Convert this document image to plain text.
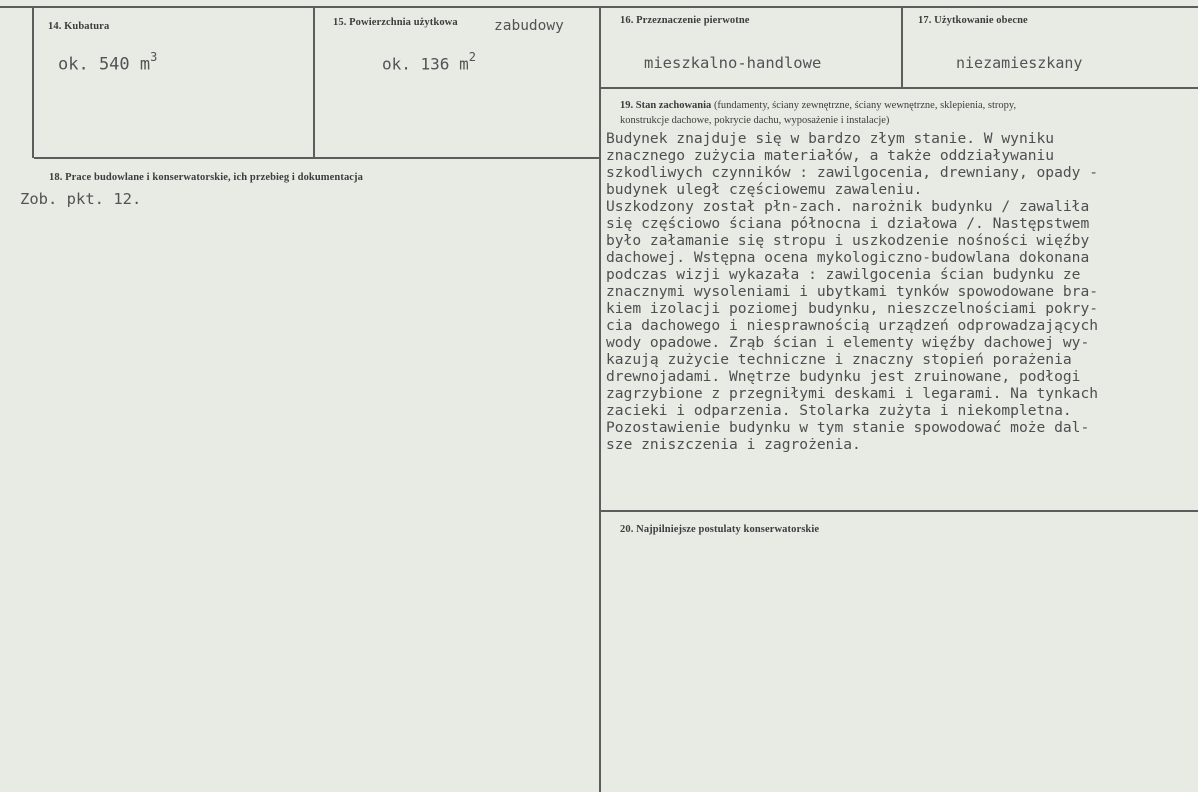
14. Kubatura
ok. 540 $m^3$
15. Powierzchnia użytkowa	zabudowy
ok. 136 $m^2$
16. Przeznaczenie pierwotne
mieszkalno-handlowe
17. Użytkowanie obecne
niezamieszkany
18. Prace budowlane i konserwatorskie, ich przebieg i dokumentacja
Zob. pkt. 12.
19. Stan zachowania (fundamenty, ściany zewnętrzne, ściany wewnętrzne, sklepienia, stropy,
konstrukcje dachowe, pokrycie dachu, wyposażenie i instalacje)
Budynek znajduje się w bardzo złym stanie. W wyniku
znacznego zużycia materiałów, a także oddziaływaniu
szkodliwych czynników : zawilgocenia, drewniany, opady -
budynek uległ częściowemu zawaleniu.
Uszkodzony został płn-zach. narożnik budynku / zawaliła
się częściowo ściana północna i działowa /. Następstwem
było załamanie się stropu i uszkodzenie nośności więźby
dachowej. Wstępna ocena mykologiczno-budowlana dokonana
podczas wizji wykazała : zawilgocenia ścian budynku ze
znacznymi wysoleniami i ubytkami tynków spowodowane bra-
kiem izolacji poziomej budynku, nieszczelnościami pokry-
cia dachowego i niesprawnością urządzeń odprowadzających
wody opadowe. Zrąb ścian i elementy więźby dachowej wy-
kazują zużycie techniczne i znaczny stopień porażenia
drewnojadami. Wnętrze budynku jest zruinowane, podłogi
zagrzybione z przegniłymi deskami i legarami. Na tynkach
zacieki i odparzenia. Stolarka zużyta i niekompletna.
Pozostawienie budynku w tym stanie spowodować może dal-
sze zniszczenia i zagrożenia.
20. Najpilniejsze postulaty konserwatorskie
